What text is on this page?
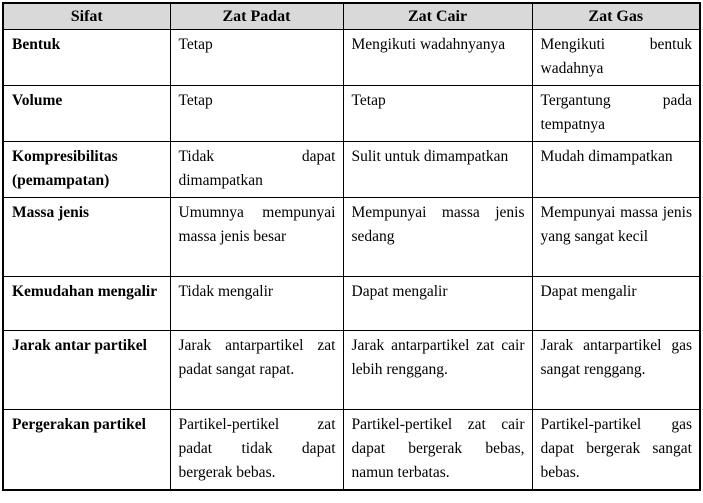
Sifat	Zat Padat	Zat Cair	Zat Gas
Bentuk	Tetap	Mengikuti wadahnyanya	Mengikuti bentuk wadahnya
Volume	Tetap	Tetap	Tergantung pada tempatnya
Kompresibilitas (pemampatan)	Tidak dapat dimampatkan	Sulit untuk dimampatkan	Mudah dimampatkan
Massa jenis	Umumnya mempunyai massa jenis besar	Mempunyai massa jenis sedang	Mempunyai massa jenis yang sangat kecil
Kemudahan mengalir	Tidak mengalir	Dapat mengalir	Dapat mengalir
Jarak antar partikel	Jarak antarpartikel zat padat sangat rapat.	Jarak antarpartikel zat cair lebih renggang.	Jarak antarpartikel gas sangat renggang.
Pergerakan partikel	Partikel-pertikel zat padat tidak dapat bergerak bebas.	Partikel-pertikel zat cair dapat bergerak bebas, namun terbatas.	Partikel-partikel gas dapat bergerak sangat bebas.
